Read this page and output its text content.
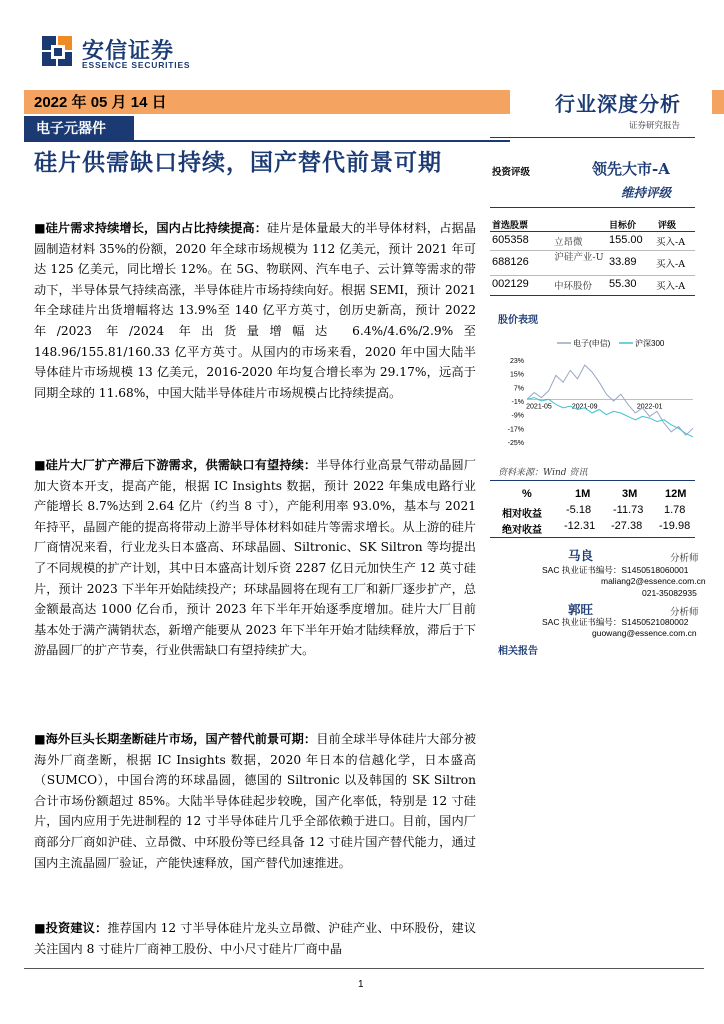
安信证券
ESSENCE SECURITIES
2022 年 05 月 14 日
电子元器件
行业深度分析
证券研究报告
硅片供需缺口持续，国产替代前景可期

■硅片需求持续增长，国内占比持续提高：硅片是体量最大的半导体材料，占据晶圆制造材料 35%的份额，2020 年全球市场规模为 112 亿美元，预计 2021 年可达 125 亿美元，同比增长 12%。在 5G、物联网、汽车电子、云计算等需求的带动下，半导体景气持续高涨，半导体硅片市场持续向好。根据 SEMI，预计 2021 年全球硅片出货增幅将达 13.9%至 140 亿平方英寸，创历史新高，预计 2022 年/2023 年/2024 年出货量增幅达 6.4%/4.6%/2.9%至 148.96/155.81/160.33 亿平方英寸。从国内的市场来看，2020 年中国大陆半导体硅片市场规模 13 亿美元，2016-2020 年均复合增长率为 29.17%，远高于同期全球的 11.68%，中国大陆半导体硅片市场规模占比持续提高。

■硅片大厂扩产滞后下游需求，供需缺口有望持续：半导体行业高景气带动晶圆厂加大资本开支，提高产能，根据 IC Insights 数据，预计 2022 年集成电路行业产能增长 8.7%达到 2.64 亿片（约当 8 寸），产能利用率 93.0%，基本与 2021 年持平，晶圆产能的提高将带动上游半导体材料如硅片等需求增长。从上游的硅片厂商情况来看，行业龙头日本盛高、环球晶圆、Siltronic、SK Siltron 等均提出了不同规模的扩产计划，其中日本盛高计划斥资 2287 亿日元加快生产 12 英寸硅片，预计 2023 下半年开始陆续投产；环球晶圆将在现有工厂和新厂逐步扩产，总金额最高达 1000 亿台币，预计 2023 年下半年开始逐季度增加。硅片大厂目前基本处于满产满销状态，新增产能要从 2023 年下半年开始才陆续释放，滞后于下游晶圆厂的扩产节奏，行业供需缺口有望持续扩大。

■海外巨头长期垄断硅片市场，国产替代前景可期：目前全球半导体硅片大部分被海外厂商垄断，根据 IC Insights 数据，2020 年日本的信越化学，日本盛高（SUMCO），中国台湾的环球晶圆，德国的 Siltronic 以及韩国的 SK Siltron 合计市场份额超过 85%。大陆半导体硅起步较晚，国产化率低，特别是 12 寸硅片，国内应用于先进制程的 12 寸半导体硅片几乎全部依赖于进口。目前，国内厂商部分厂商如沪硅、立昂微、中环股份等已经具备 12 寸硅片国产替代能力，通过国内主流晶圆厂验证，产能快速释放，国产替代加速推进。

■投资建议：推荐国内 12 寸半导体硅片龙头立昂微、沪硅产业、中环股份，建议关注国内 8 寸硅片厂商神工股份、中小尺寸硅片厂商中晶

投资评级	领先大市-A
维持评级
首选股票	目标价 评级
605358	立昂微 155.00 买入-A
688126	沪硅产业-U 33.89 买入-A
002129	中环股份 55.30 买入-A
股价表现
电子(申信)	沪深300
23%
15%
7%
-1%
-9%
-17%
-25%
2021-05	2021-09	2022-01
资料来源：Wind 资讯
%	1M	3M	12M
相对收益 -5.18 -11.73 1.78
绝对收益 -12.31 -27.38 -19.98
马良	分析师
SAC 执业证书编号：S1450518060001
maliang2@essence.com.cn
021-35082935
郭旺	分析师
SAC 执业证书编号：S1450521080002
guowang@essence.com.cn
相关报告
1
